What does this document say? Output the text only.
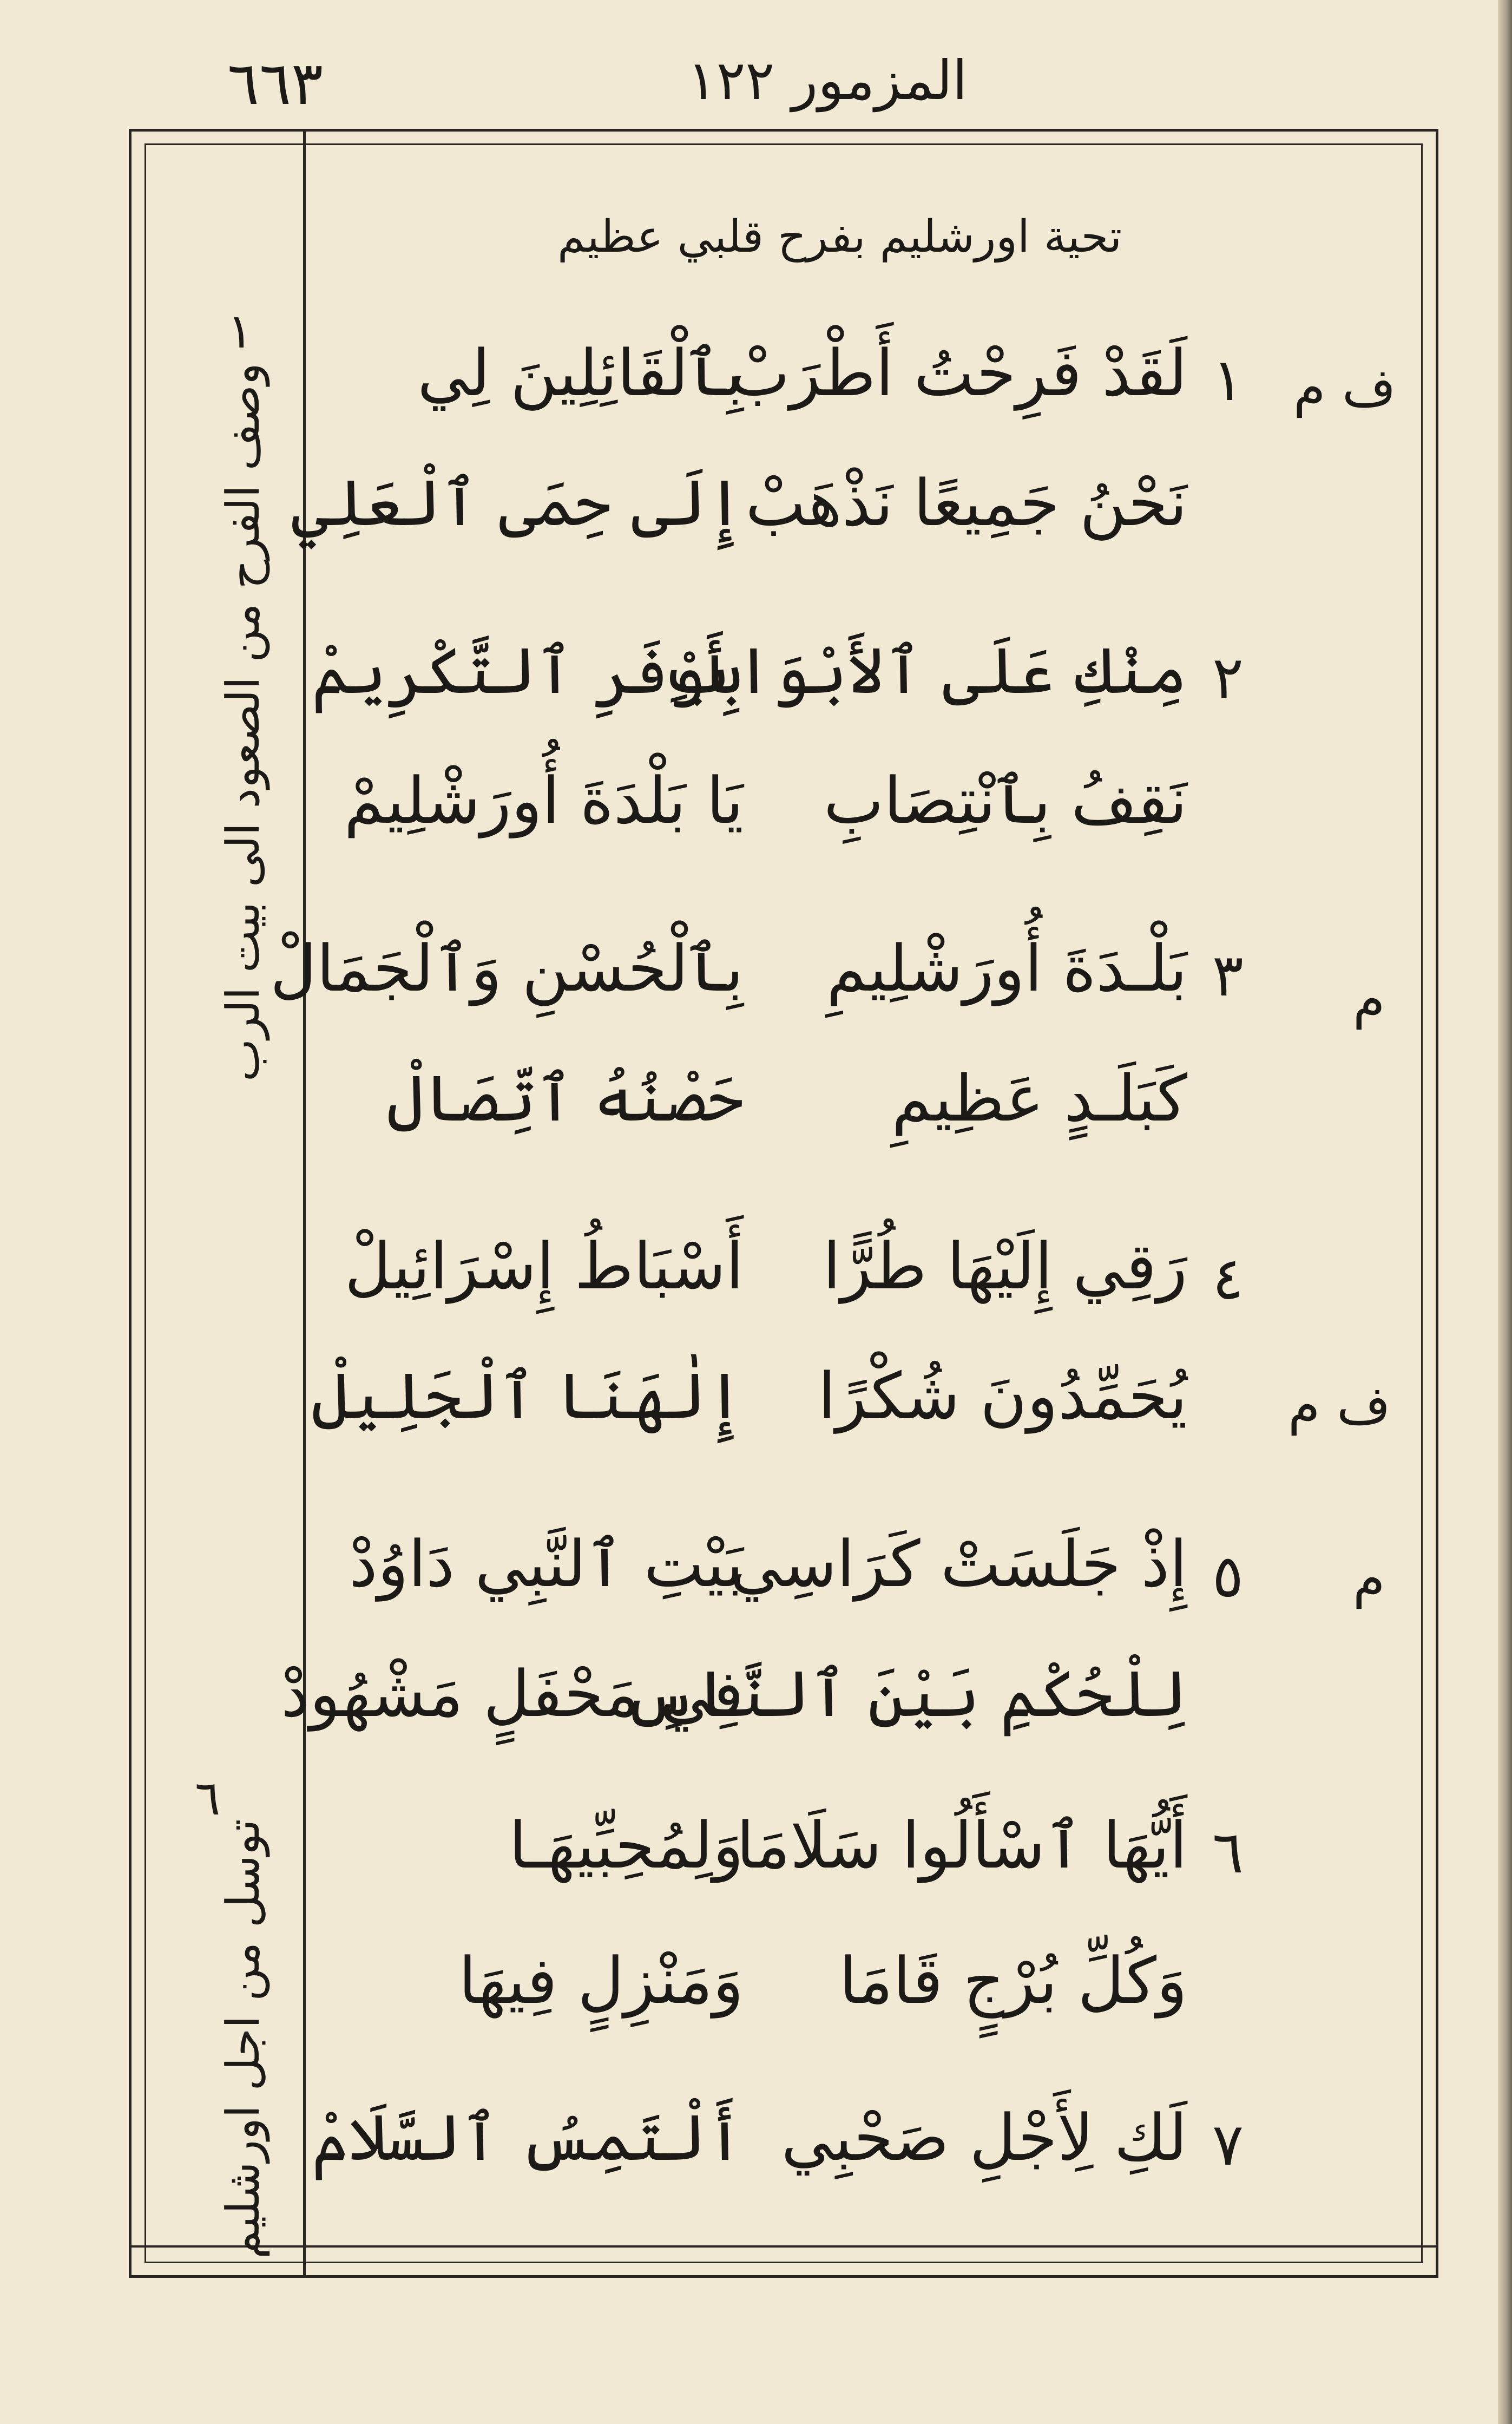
٦٦٣	المزمور ١٢٢
تحية اورشليم بفرح قلبي عظيم
١
لَقَدْ فَرِحْتُ أَطْرَبْ
بِٱلْقَائِلِينَ لِي
نَحْنُ جَمِيعًا نَذْهَبْ
إِلَى حِمَى ٱلْعَلِي
٢
مِنْكِ عَلَى ٱلأَبْوَابِ
بِأَوْفَرِ ٱلتَّكْرِيمْ
نَقِفُ بِٱنْتِصَابِ
يَا بَلْدَةَ أُورَشْلِيمْ
٣
بَلْـدَةَ أُورَشْلِيمِ
بِٱلْحُسْنِ وَٱلْجَمَالْ
كَبَلَـدٍ عَظِيمِ
حَصْنُهُ ٱتِّصَالْ
٤
رَقِي إِلَيْهَا طُرًّا
أَسْبَاطُ إِسْرَائِيلْ
يُحَمِّدُونَ شُكْرًا
إِلٰهَنَا ٱلْجَلِيلْ
٥
إِذْ جَلَسَتْ كَرَاسِي
بَيْتِ ٱلنَّبِي دَاوُدْ
لِلْحُكْمِ بَيْنَ ٱلنَّاسِ
فِي مَحْفَلٍ مَشْهُودْ
٦
أَيُّهَا ٱسْأَلُوا سَلَامَا
وَلِمُحِبِّيهَـا
وَكُلِّ بُرْجٍ قَامَا
وَمَنْزِلٍ فِيهَا
٧
لَكِ لِأَجْلِ صَحْبِي
أَلْتَمِسُ ٱلسَّلَامْ
ف م
م
ف م
م
١
وصف الفرح من الصعود الى بيت الرب
٦
توسل من اجل اورشليم
